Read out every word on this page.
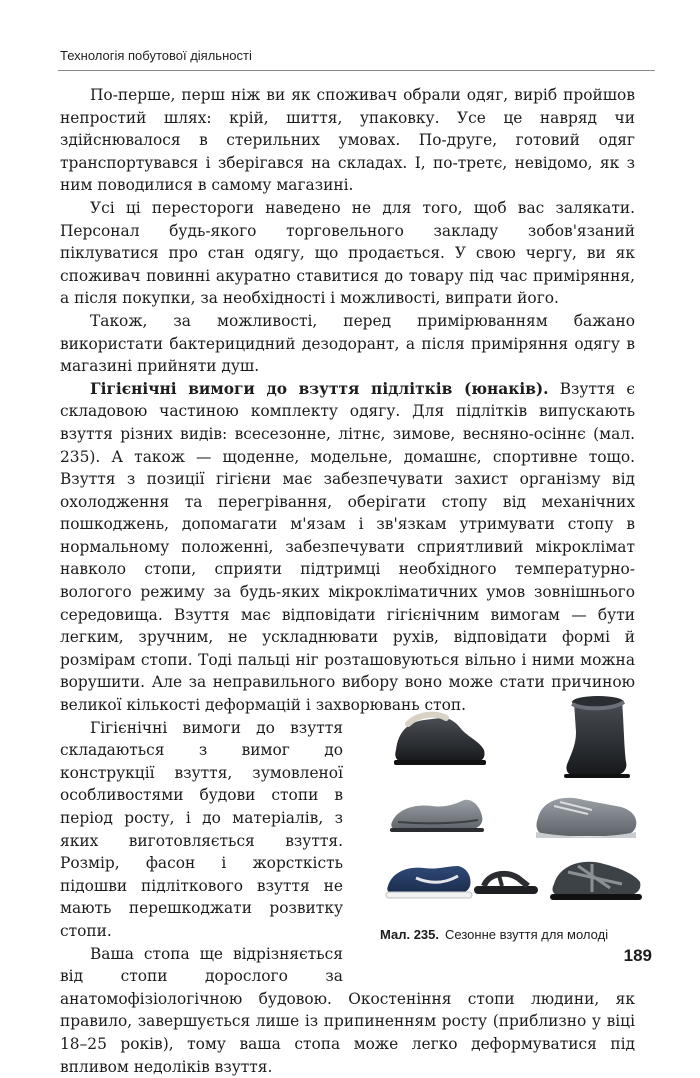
Технологія побутової діяльності

По-перше, перш ніж ви як споживач обрали одяг, виріб пройшов непростий шлях: крій, шиття, упаковку. Усе це навряд чи здійснювалося в стерильних умовах. По-друге, готовий одяг транспортувався і зберігався на складах. І, по-третє, невідомо, як з ним поводилися в самому магазині.

Усі ці перестороги наведено не для того, щоб вас залякати. Персонал будь-якого торговельного закладу зобов'язаний піклуватися про стан одягу, що продається. У свою чергу, ви як споживач повинні акуратно ставитися до товару під час приміряння, а після покупки, за необхідності і можливості, випрати його.

Також, за можливості, перед примірюванням бажано використати бактерицидний дезодорант, а після приміряння одягу в магазині прийняти душ.

Гігієнічні вимоги до взуття підлітків (юнаків). Взуття є складовою частиною комплекту одягу. Для підлітків випускають взуття різних видів: всесезонне, літнє, зимове, весняно-осіннє (мал. 235). А також — щоденне, модельне, домашнє, спортивне тощо. Взуття з позиції гігієни має забезпечувати захист організму від охолодження та перегрівання, оберігати стопу від механічних пошкоджень, допомагати м'язам і зв'язкам утримувати стопу в нормальному положенні, забезпечувати сприятливий мікроклімат навколо стопи, сприяти підтримці необхідного температурно-вологого режиму за будь-яких мікрокліматичних умов зовнішнього середовища. Взуття має відповідати гігієнічним вимогам — бути легким, зручним, не ускладнювати рухів, відповідати формі й розмірам стопи. Тоді пальці ніг розташовуються вільно і ними можна ворушити. Але за неправильного вибору воно може стати причиною великої кількості деформацій і захворювань стоп.

Гігієнічні вимоги до взуття складаються з вимог до конструкції взуття, зумовленої особливостями будови стопи в період росту, і до матеріалів, з яких виготовляється взуття. Розмір, фасон і жорсткість підошви підліткового взуття не мають перешкоджати розвитку стопи.

Ваша стопа ще відрізняється від стопи дорослого за анатомофізіологічною будовою. Окостеніння стопи людини, як правило, завершується лише із припиненням росту (приблизно у віці 18–25 років), тому ваша стопа може легко деформуватися під впливом недоліків взуття.

Мал. 235. Сезонне взуття для молоді
189
